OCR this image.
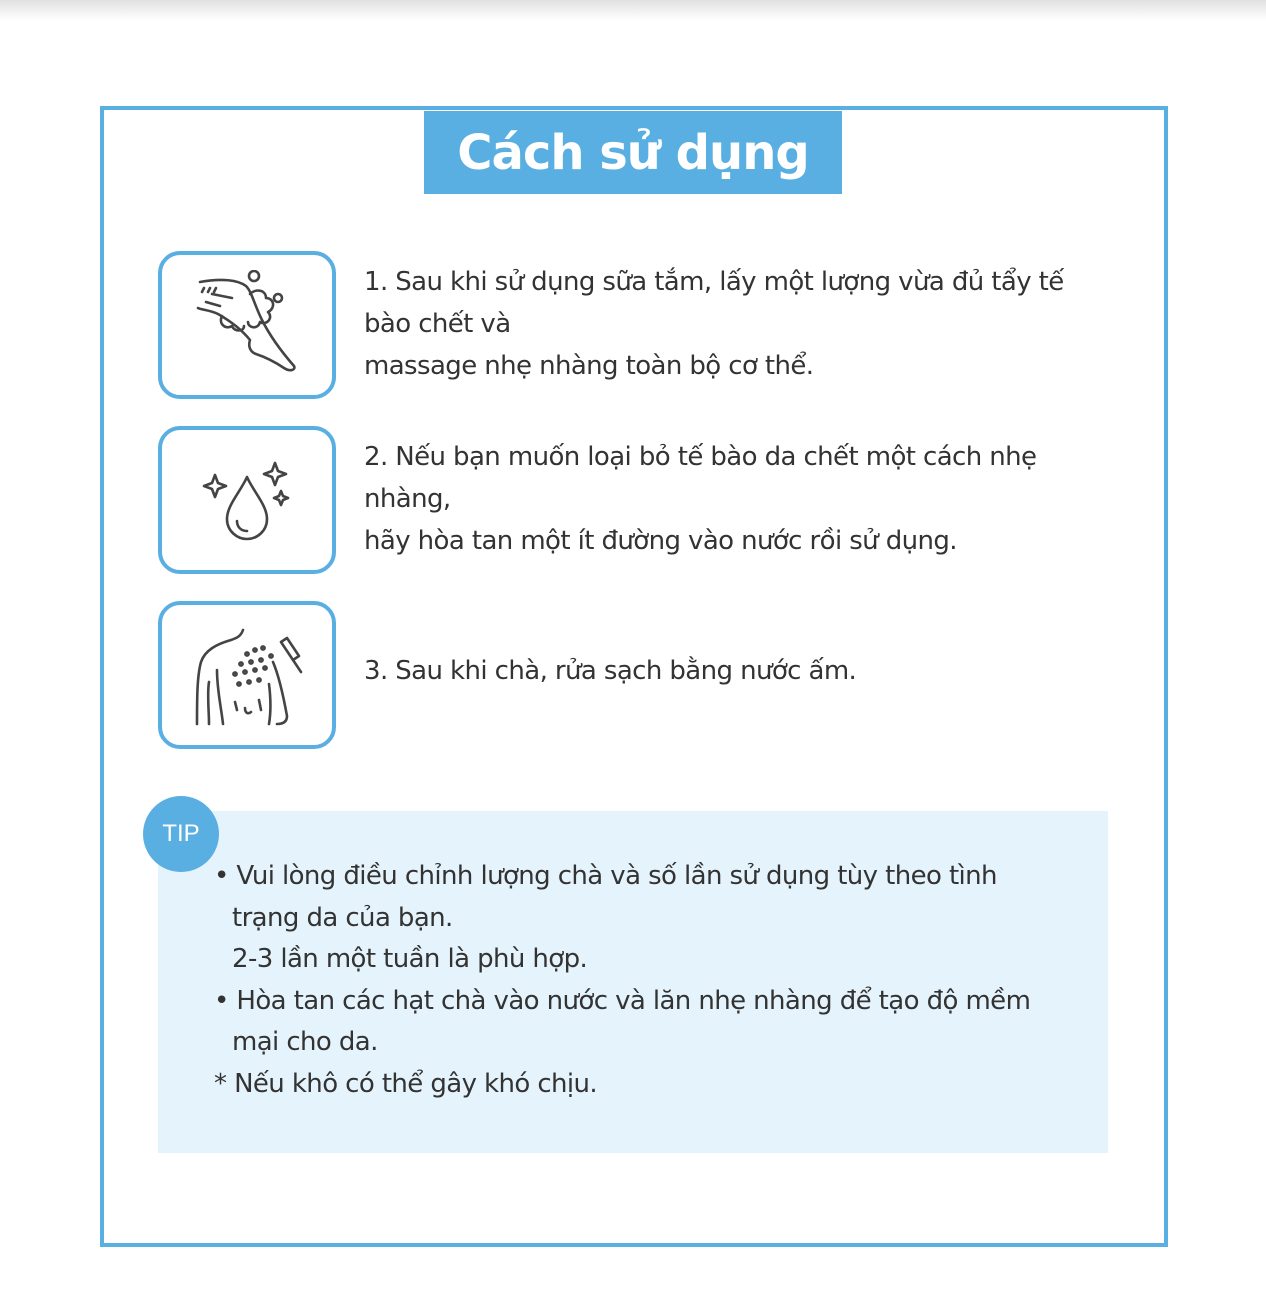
Cách sử dụng
1. Sau khi sử dụng sữa tắm, lấy một lượng vừa đủ tẩy tế
bào chết và
massage nhẹ nhàng toàn bộ cơ thể.
2. Nếu bạn muốn loại bỏ tế bào da chết một cách nhẹ
nhàng,
hãy hòa tan một ít đường vào nước rồi sử dụng.
3. Sau khi chà, rửa sạch bằng nước ấm.
TIP
• Vui lòng điều chỉnh lượng chà và số lần sử dụng tùy theo tình
trạng da của bạn.
2-3 lần một tuần là phù hợp.
• Hòa tan các hạt chà vào nước và lăn nhẹ nhàng để tạo độ mềm
mại cho da.
* Nếu khô có thể gây khó chịu.
